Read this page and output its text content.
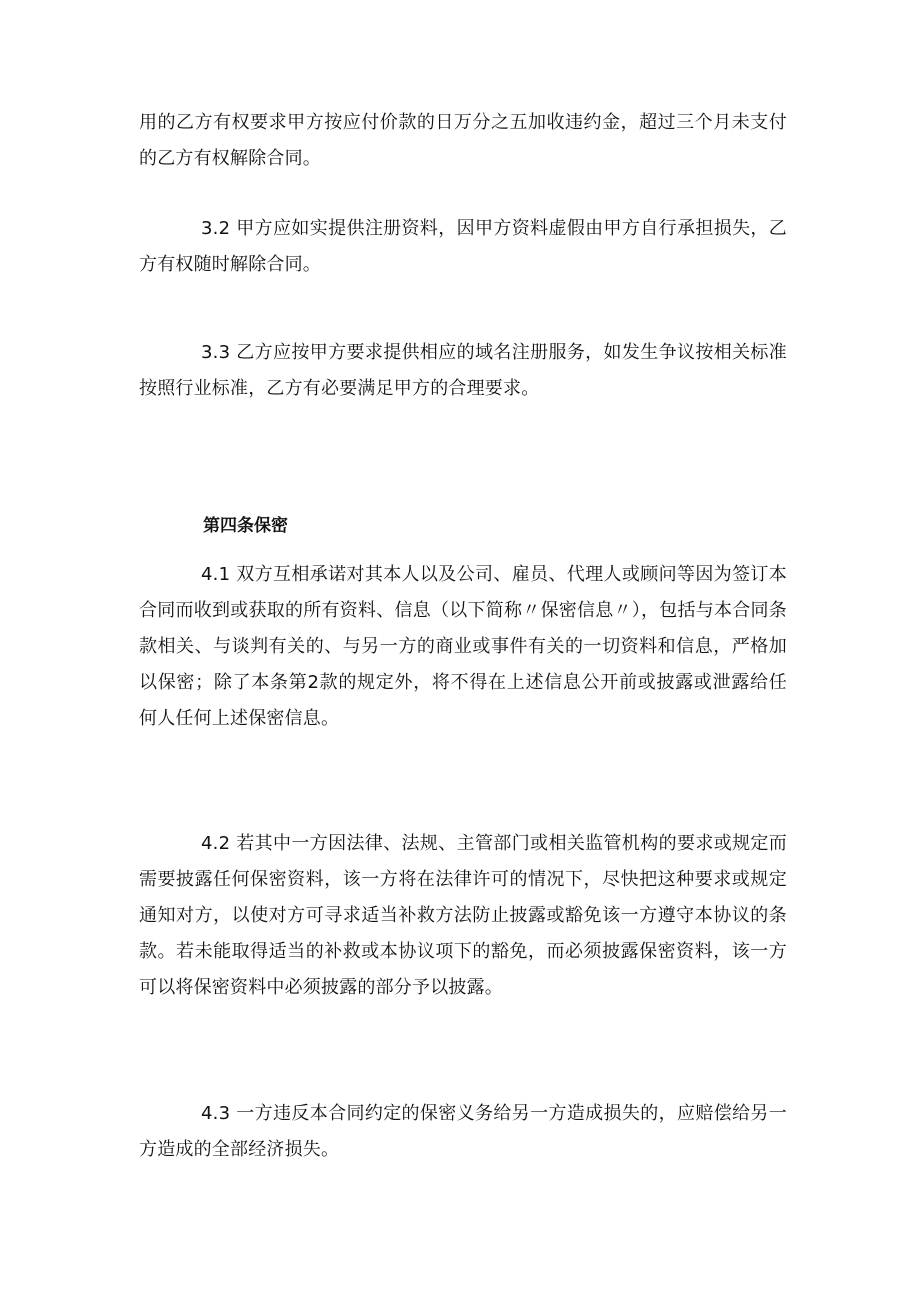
用的乙方有权要求甲方按应付价款的日万分之五加收违约金，超过三个月未支付的乙方有权解除合同。

3.2 甲方应如实提供注册资料，因甲方资料虚假由甲方自行承担损失，乙方有权随时解除合同。

3.3 乙方应按甲方要求提供相应的域名注册服务，如发生争议按相关标准按照行业标准，乙方有必要满足甲方的合理要求。

第四条保密

4.1 双方互相承诺对其本人以及公司、雇员、代理人或顾问等因为签订本合同而收到或获取的所有资料、信息（以下简称〃保密信息〃），包括与本合同条款相关、与谈判有关的、与另一方的商业或事件有关的一切资料和信息，严格加以保密；除了本条第2款的规定外，将不得在上述信息公开前或披露或泄露给任何人任何上述保密信息。

4.2 若其中一方因法律、法规、主管部门或相关监管机构的要求或规定而需要披露任何保密资料，该一方将在法律许可的情况下，尽快把这种要求或规定通知对方，以使对方可寻求适当补救方法防止披露或豁免该一方遵守本协议的条款。若未能取得适当的补救或本协议项下的豁免，而必须披露保密资料，该一方可以将保密资料中必须披露的部分予以披露。

4.3 一方违反本合同约定的保密义务给另一方造成损失的，应赔偿给另一方造成的全部经济损失。
